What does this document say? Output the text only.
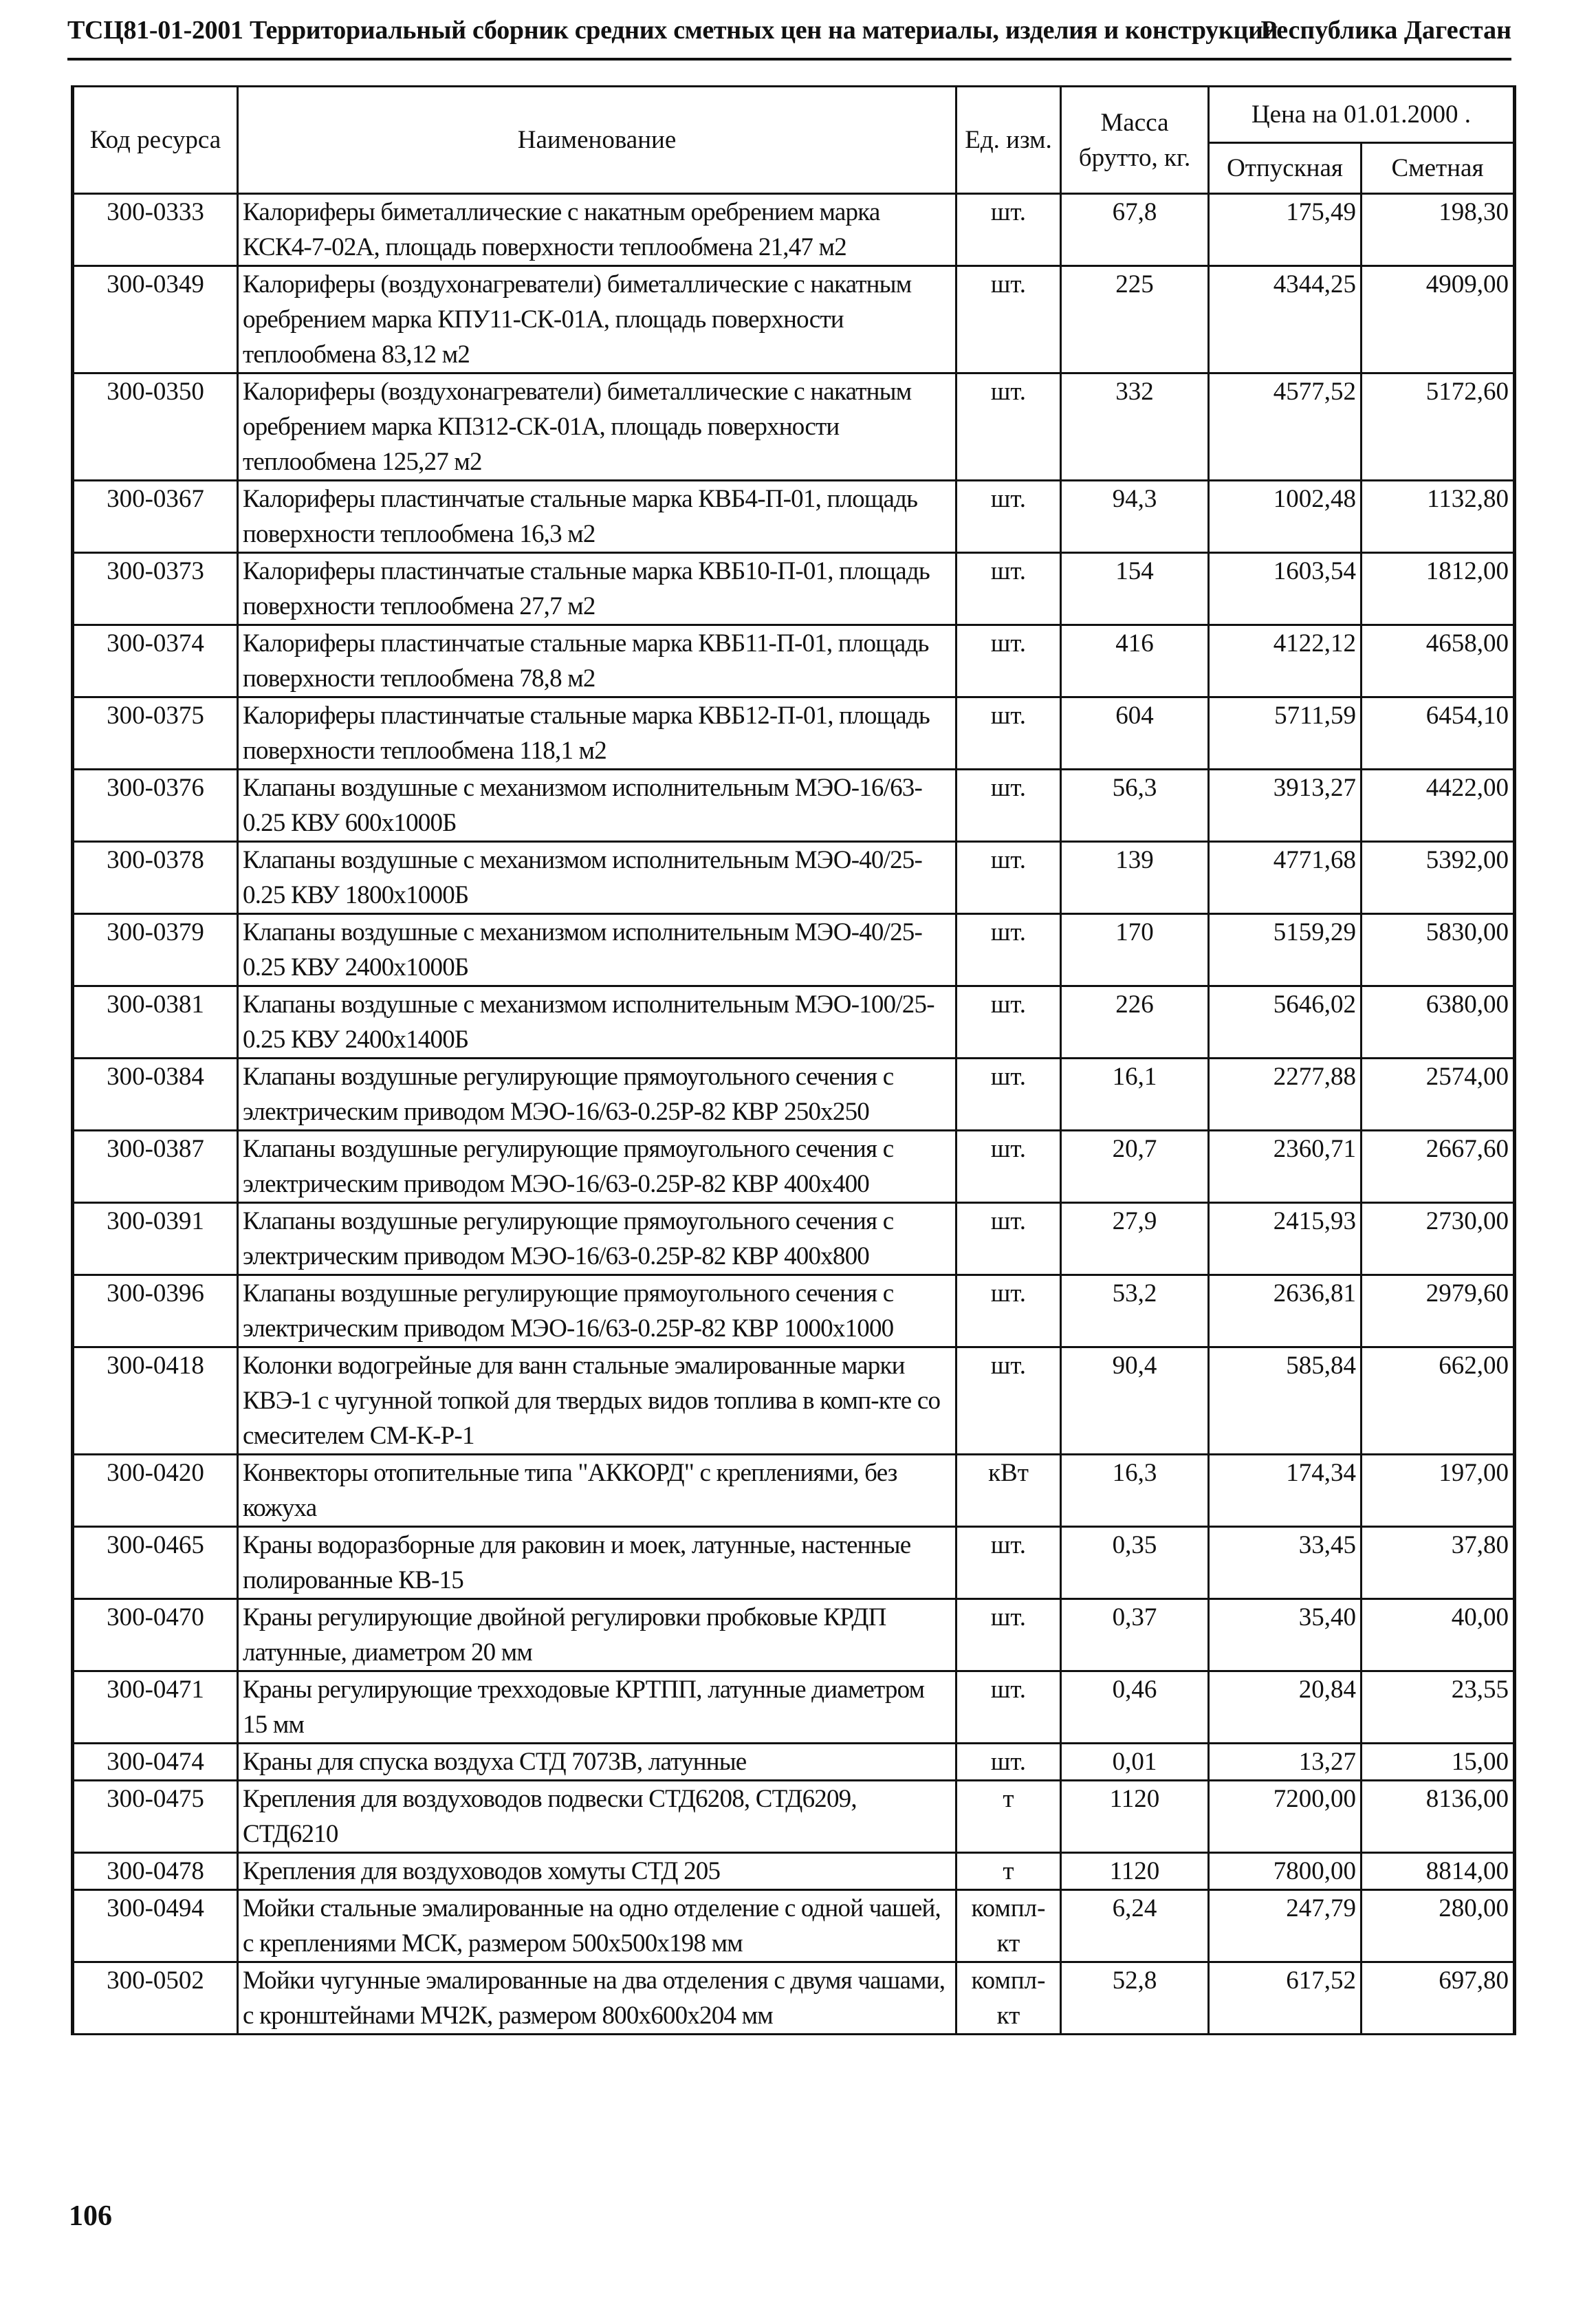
ТСЦ81-01-2001 Территориальный сборник средних сметных цен на материалы, изделия и конструкции
Республика Дагестан
Код ресурса	Наименование	Ед. изм.	Масса брутто, кг.	Цена на 01.01.2000 .	
				Отпускная	Сметная
300-0333	Калориферы биметаллические с накатным оребрением марка КСК4-7-02А, площадь поверхности теплообмена 21,47 м2	шт.	67,8	175,49	198,30
300-0349	Калориферы (воздухонагреватели) биметаллические с накатным оребрением марка КПУ11-СК-01А, площадь поверхности теплообмена 83,12 м2	шт.	225	4344,25	4909,00
300-0350	Калориферы (воздухонагреватели) биметаллические с накатным оребрением марка КП312-СК-01А, площадь поверхности теплообмена 125,27 м2	шт.	332	4577,52	5172,60
300-0367	Калориферы пластинчатые стальные марка КВБ4-П-01, площадь поверхности теплообмена 16,3 м2	шт.	94,3	1002,48	1132,80
300-0373	Калориферы пластинчатые стальные марка КВБ10-П-01, площадь поверхности теплообмена 27,7 м2	шт.	154	1603,54	1812,00
300-0374	Калориферы пластинчатые стальные марка КВБ11-П-01, площадь поверхности теплообмена 78,8 м2	шт.	416	4122,12	4658,00
300-0375	Калориферы пластинчатые стальные марка КВБ12-П-01, площадь поверхности теплообмена 118,1 м2	шт.	604	5711,59	6454,10
300-0376	Клапаны воздушные с механизмом исполнительным МЭО-16/63-0.25 КВУ 600х1000Б	шт.	56,3	3913,27	4422,00
300-0378	Клапаны воздушные с механизмом исполнительным МЭО-40/25-0.25 КВУ 1800х1000Б	шт.	139	4771,68	5392,00
300-0379	Клапаны воздушные с механизмом исполнительным МЭО-40/25-0.25 КВУ 2400х1000Б	шт.	170	5159,29	5830,00
300-0381	Клапаны воздушные с механизмом исполнительным МЭО-100/25-0.25 КВУ 2400х1400Б	шт.	226	5646,02	6380,00
300-0384	Клапаны воздушные регулирующие прямоугольного сечения с электрическим приводом МЭО-16/63-0.25Р-82 КВР 250х250	шт.	16,1	2277,88	2574,00
300-0387	Клапаны воздушные регулирующие прямоугольного сечения с электрическим приводом МЭО-16/63-0.25Р-82 КВР 400х400	шт.	20,7	2360,71	2667,60
300-0391	Клапаны воздушные регулирующие прямоугольного сечения с электрическим приводом МЭО-16/63-0.25Р-82 КВР 400х800	шт.	27,9	2415,93	2730,00
300-0396	Клапаны воздушные регулирующие прямоугольного сечения с электрическим приводом МЭО-16/63-0.25Р-82 КВР 1000х1000	шт.	53,2	2636,81	2979,60
300-0418	Колонки водогрейные для ванн стальные эмалированные марки КВЭ-1 с чугунной топкой для твердых видов топлива в комп-кте со смесителем СМ-К-Р-1	шт.	90,4	585,84	662,00
300-0420	Конвекторы отопительные типа "АККОРД" с креплениями, без кожуха	кВт	16,3	174,34	197,00
300-0465	Краны водоразборные для раковин и моек, латунные, настенные полированные КВ-15	шт.	0,35	33,45	37,80
300-0470	Краны регулирующие двойной регулировки пробковые КРДП латунные, диаметром 20 мм	шт.	0,37	35,40	40,00
300-0471	Краны регулирующие трехходовые КРТПП, латунные диаметром 15 мм	шт.	0,46	20,84	23,55
300-0474	Краны для спуска воздуха СТД 7073В, латунные	шт.	0,01	13,27	15,00
300-0475	Крепления для воздуховодов подвески СТД6208, СТД6209, СТД6210	т	1120	7200,00	8136,00
300-0478	Крепления для воздуховодов хомуты СТД 205	т	1120	7800,00	8814,00
300-0494	Мойки стальные эмалированные на одно отделение с одной чашей, с креплениями МСК, размером 500х500х198 мм	компл-кт	6,24	247,79	280,00
300-0502	Мойки чугунные эмалированные на два отделения с двумя чашами, с кронштейнами МЧ2К, размером 800х600х204 мм	компл-кт	52,8	617,52	697,80
106
